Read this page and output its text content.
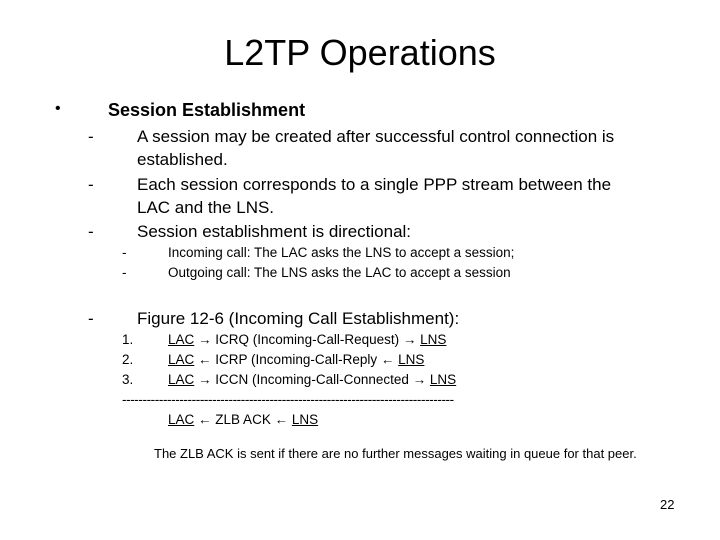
L2TP Operations
•	Session Establishment
-	A session may be created after successful control connection is
established.
-	Each session corresponds to a single PPP stream between the
LAC and the LNS.
-	Session establishment is directional:
-	Incoming call: The LAC asks the LNS to accept a session;
-	Outgoing call: The LNS asks the LAC to accept a session
-	Figure 12-6 (Incoming Call Establishment):
1.	LAC → ICRQ (Incoming-Call-Request) → LNS
2.	LAC ← ICRP (Incoming-Call-Reply ← LNS
3.	LAC → ICCN (Incoming-Call-Connected → LNS
---------------------------------------------------------------------------------
LAC ← ZLB ACK ← LNS
The ZLB ACK is sent if there are no further messages waiting in queue for that peer.
22
